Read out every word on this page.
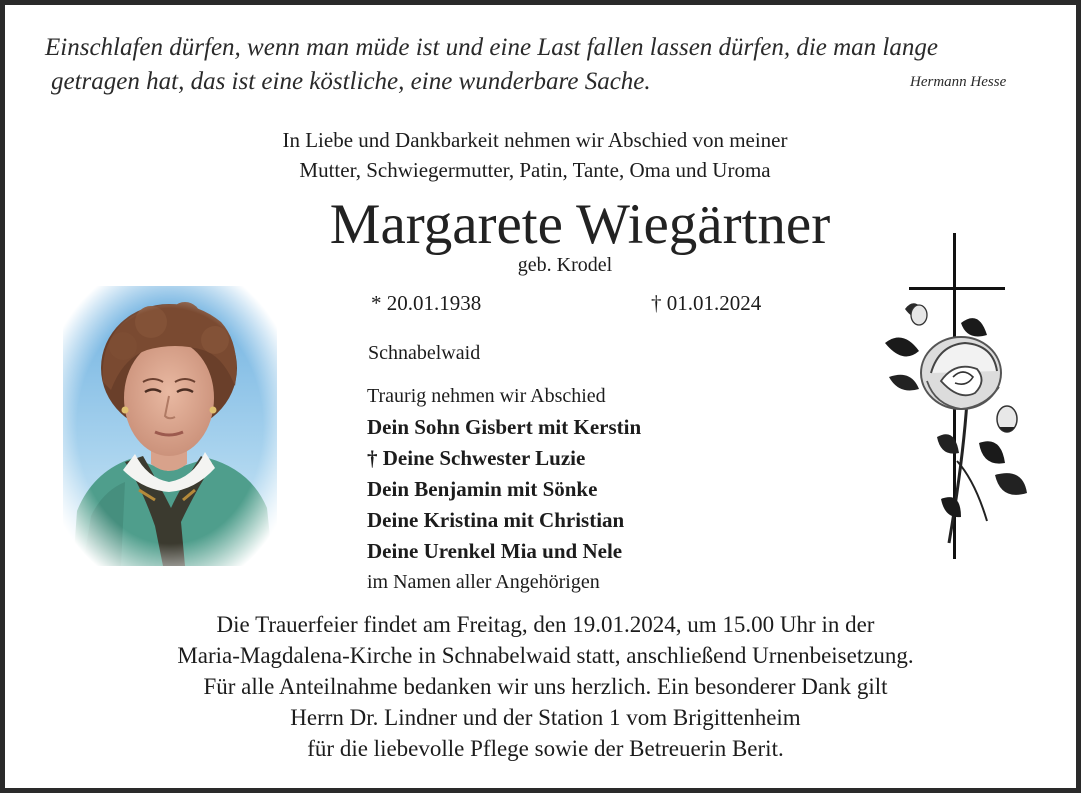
Einschlafen dürfen, wenn man müde ist und eine Last fallen lassen dürfen, die man lange
getragen hat, das ist eine köstliche, eine wunderbare Sache.	Hermann Hesse
In Liebe und Dankbarkeit nehmen wir Abschied von meiner
Mutter, Schwiegermutter, Patin, Tante, Oma und Uroma
Margarete Wiegärtner
geb. Krodel
* 20.01.1938	† 01.01.2024
Schnabelwaid
Traurig nehmen wir Abschied
Dein Sohn Gisbert mit Kerstin
† Deine Schwester Luzie
Dein Benjamin mit Sönke
Deine Kristina mit Christian
Deine Urenkel Mia und Nele
im Namen aller Angehörigen
Die Trauerfeier findet am Freitag, den 19.01.2024, um 15.00 Uhr in der
Maria-Magdalena-Kirche in Schnabelwaid statt, anschließend Urnenbeisetzung.
Für alle Anteilnahme bedanken wir uns herzlich. Ein besonderer Dank gilt
Herrn Dr. Lindner und der Station 1 vom Brigittenheim
für die liebevolle Pflege sowie der Betreuerin Berit.
